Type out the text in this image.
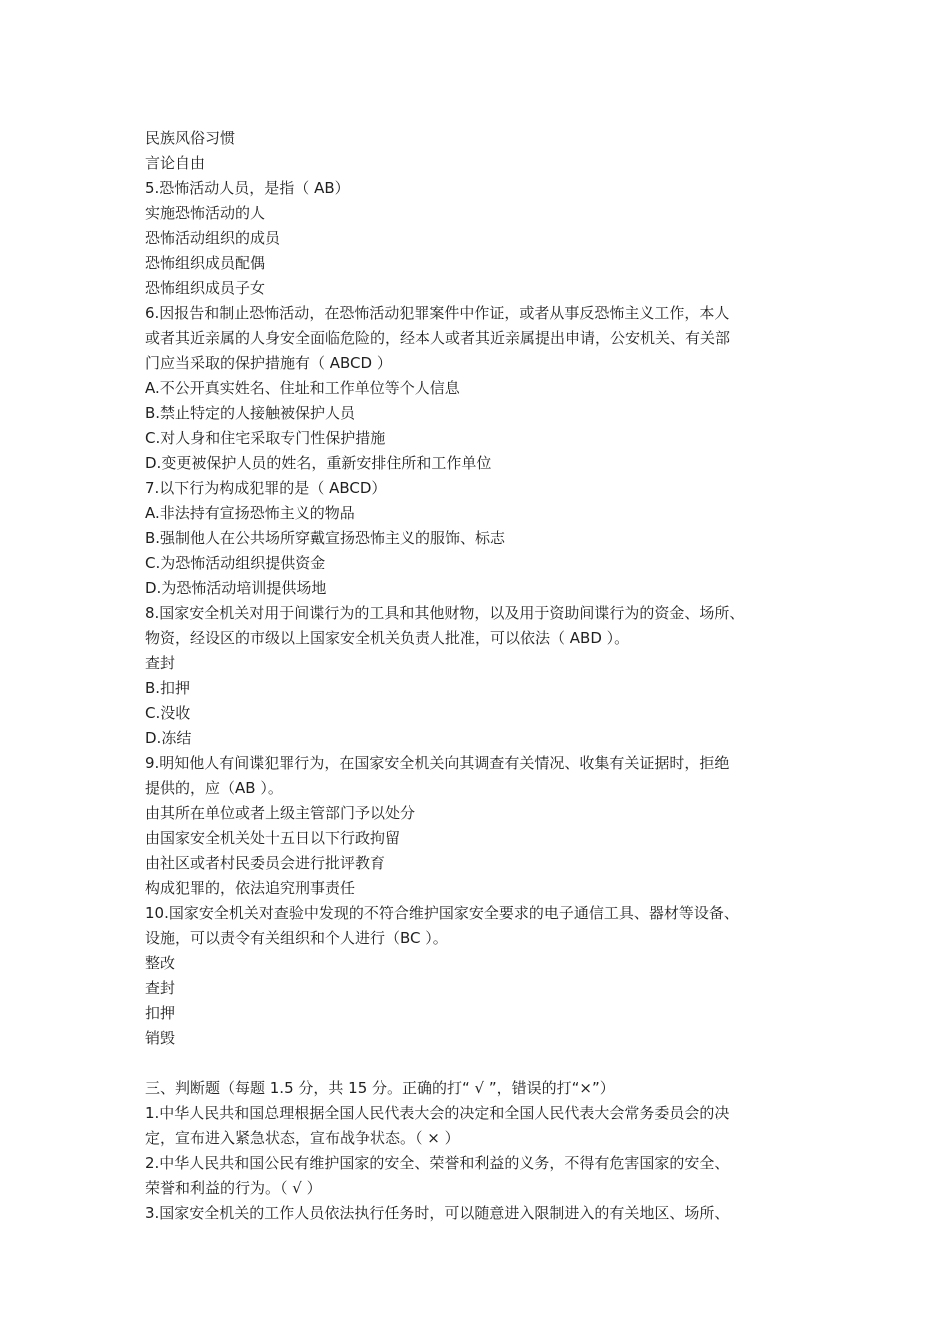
民族风俗习惯
言论自由
5.恐怖活动人员，是指（ AB）
实施恐怖活动的人
恐怖活动组织的成员
恐怖组织成员配偶
恐怖组织成员子女
6.因报告和制止恐怖活动，在恐怖活动犯罪案件中作证，或者从事反恐怖主义工作，本人
或者其近亲属的人身安全面临危险的，经本人或者其近亲属提出申请，公安机关、有关部
门应当采取的保护措施有（ ABCD ）
A.不公开真实姓名、住址和工作单位等个人信息
B.禁止特定的人接触被保护人员
C.对人身和住宅采取专门性保护措施
D.变更被保护人员的姓名，重新安排住所和工作单位
7.以下行为构成犯罪的是（ ABCD）
A.非法持有宣扬恐怖主义的物品
B.强制他人在公共场所穿戴宣扬恐怖主义的服饰、标志
C.为恐怖活动组织提供资金
D.为恐怖活动培训提供场地
8.国家安全机关对用于间谍行为的工具和其他财物，以及用于资助间谍行为的资金、场所、
物资，经设区的市级以上国家安全机关负责人批准，可以依法（ ABD ）。
查封
B.扣押
C.没收
D.冻结
9.明知他人有间谍犯罪行为，在国家安全机关向其调查有关情况、收集有关证据时，拒绝
提供的，应（AB ）。
由其所在单位或者上级主管部门予以处分
由国家安全机关处十五日以下行政拘留
由社区或者村民委员会进行批评教育
构成犯罪的，依法追究刑事责任
10.国家安全机关对查验中发现的不符合维护国家安全要求的电子通信工具、器材等设备、
设施，可以责令有关组织和个人进行（BC ）。
整改
查封
扣押
销毁
三、判断题（每题 1.5 分，共 15 分。正确的打“ √ ”，错误的打“×”）
1.中华人民共和国总理根据全国人民代表大会的决定和全国人民代表大会常务委员会的决
定，宣布进入紧急状态，宣布战争状态。（ × ）
2.中华人民共和国公民有维护国家的安全、荣誉和利益的义务，不得有危害国家的安全、
荣誉和利益的行为。（ √ ）
3.国家安全机关的工作人员依法执行任务时，可以随意进入限制进入的有关地区、场所、
